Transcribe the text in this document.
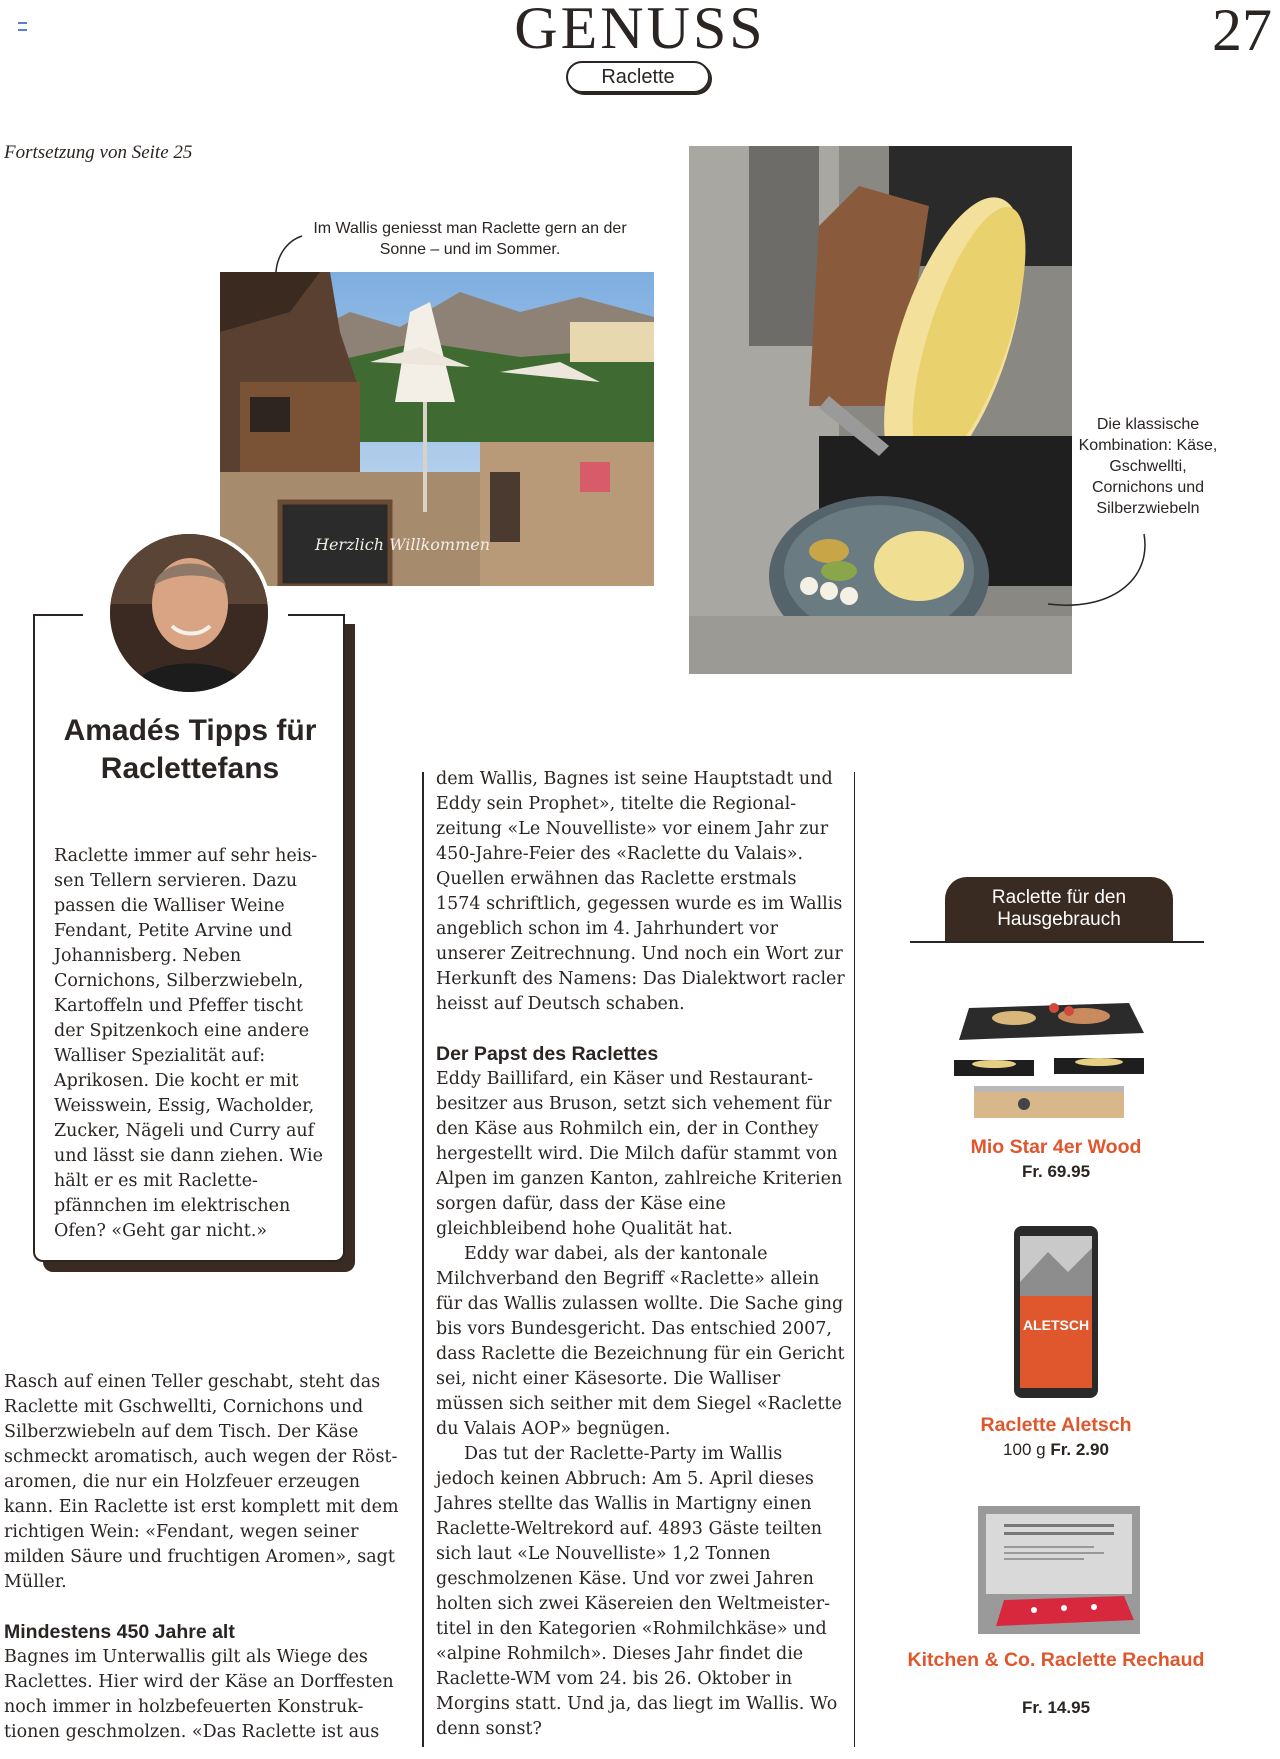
GENUSS
Raclette
27
Fortsetzung von Seite 25
Im Wallis geniesst man Raclette gern an der Sonne – und im Sommer.
Herzlich Willkommen
Die klassische Kombination: Käse, Gschwellti, Cornichons und Silberzwiebeln
Amadés Tipps für Raclettefans
Raclette immer auf sehr heis-sen Tellern servieren. Dazu passen die Walliser Weine Fendant, Petite Arvine und Johannisberg. Neben Cornichons, Silberzwiebeln, Kartoffeln und Pfeffer tischt der Spitzenkoch eine andere Walliser Spezialität auf: Aprikosen. Die kocht er mit Weisswein, Essig, Wacholder, Zucker, Nägeli und Curry auf und lässt sie dann ziehen. Wie hält er es mit Raclette-pfännchen im elektrischen Ofen? «Geht gar nicht.»
Rasch auf einen Teller geschabt, steht das Raclette mit Gschwellti, Cornichons und Silberzwiebeln auf dem Tisch. Der Käse schmeckt aromatisch, auch wegen der Röst-aromen, die nur ein Holzfeuer erzeugen kann. Ein Raclette ist erst komplett mit dem richtigen Wein: «Fendant, wegen seiner milden Säure und fruchtigen Aromen», sagt Müller.
Mindestens 450 Jahre alt
Bagnes im Unterwallis gilt als Wiege des Raclettes. Hier wird der Käse an Dorffesten noch immer in holzbefeuerten Konstruk-tionen geschmolzen. «Das Raclette ist aus
dem Wallis, Bagnes ist seine Hauptstadt und Eddy sein Prophet», titelte die Regional-zeitung «Le Nouvelliste» vor einem Jahr zur 450-Jahre-Feier des «Raclette du Valais». Quellen erwähnen das Raclette erstmals 1574 schriftlich, gegessen wurde es im Wallis angeblich schon im 4. Jahrhundert vor unserer Zeitrechnung. Und noch ein Wort zur Herkunft des Namens: Das Dialektwort racler heisst auf Deutsch schaben.
Der Papst des Raclettes
Eddy Baillifard, ein Käser und Restaurant-besitzer aus Bruson, setzt sich vehement für den Käse aus Rohmilch ein, der in Conthey hergestellt wird. Die Milch dafür stammt von Alpen im ganzen Kanton, zahlreiche Kriterien sorgen dafür, dass der Käse eine gleichbleibend hohe Qualität hat.
Eddy war dabei, als der kantonale Milchverband den Begriff «Raclette» allein für das Wallis zulassen wollte. Die Sache ging bis vors Bundesgericht. Das entschied 2007, dass Raclette die Bezeichnung für ein Gericht sei, nicht einer Käsesorte. Die Walliser müssen sich seither mit dem Siegel «Raclette du Valais AOP» begnügen.
Das tut der Raclette-Party im Wallis jedoch keinen Abbruch: Am 5. April dieses Jahres stellte das Wallis in Martigny einen Raclette-Weltrekord auf. 4893 Gäste teilten sich laut «Le Nouvelliste» 1,2 Tonnen geschmolzenen Käse. Und vor zwei Jahren holten sich zwei Käsereien den Weltmeister-titel in den Kategorien «Rohmilchkäse» und «alpine Rohmilch». Dieses Jahr findet die Raclette-WM vom 24. bis 26. Oktober in Morgins statt. Und ja, das liegt im Wallis. Wo denn sonst?
Raclette für den Hausgebrauch
Mio Star 4er Wood
Fr. 69.95
ALETSCH
Raclette Aletsch
100 g Fr. 2.90
Kitchen & Co. Raclette Rechaud
Fr. 14.95
